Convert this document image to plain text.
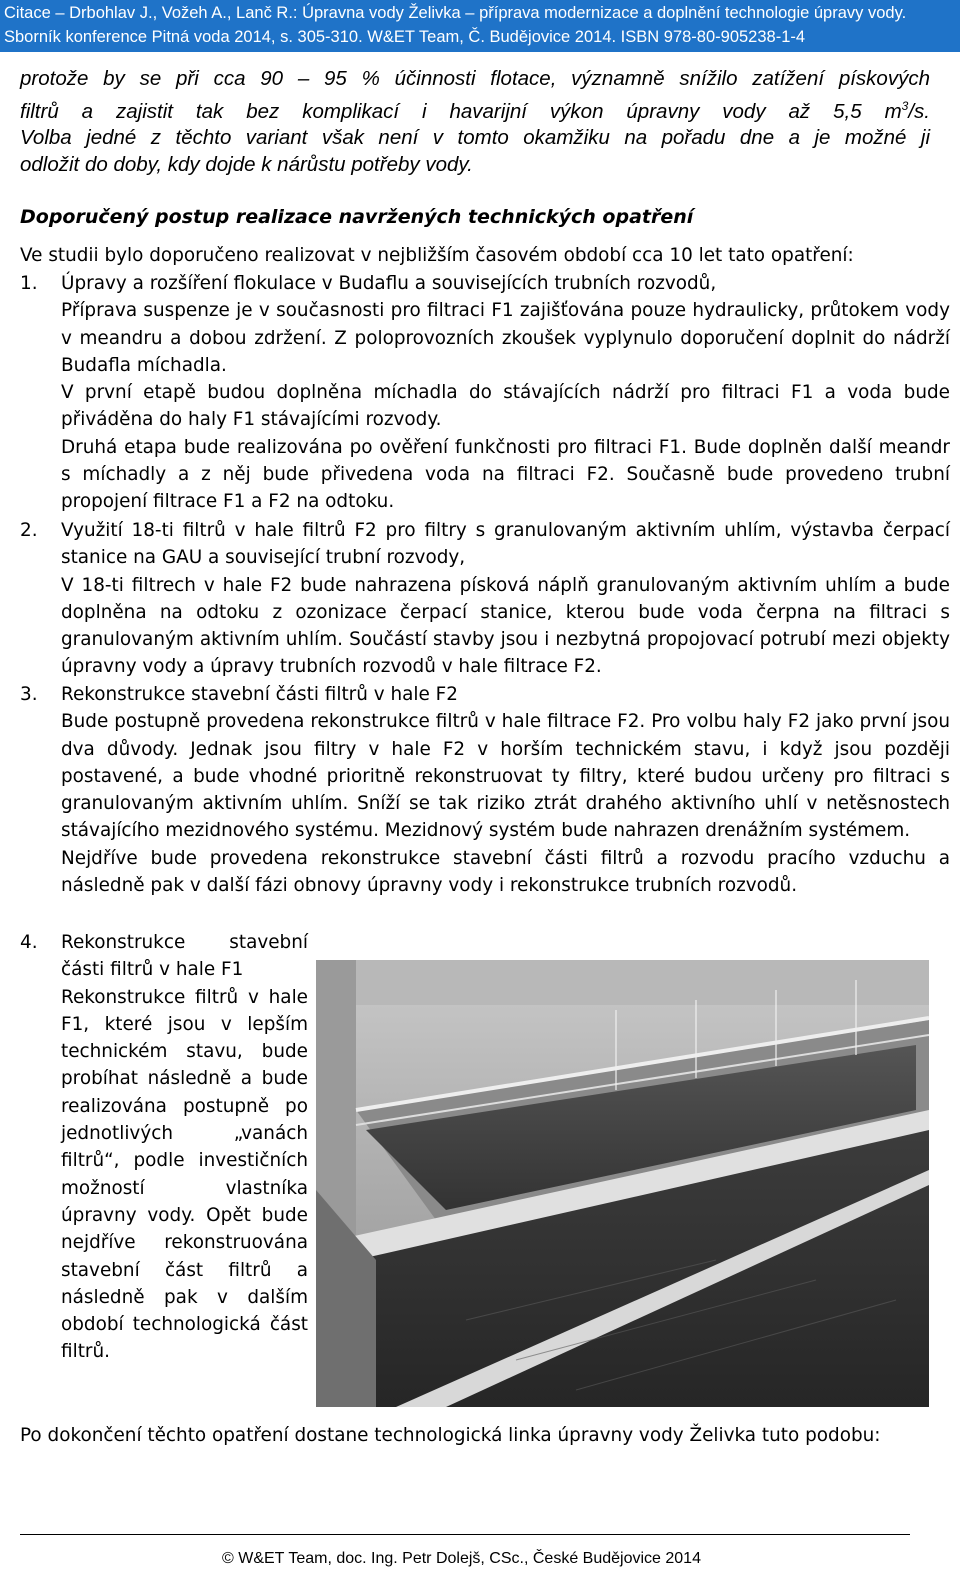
Citace – Drbohlav J., Vožeh A., Lanč R.: Úpravna vody Želivka – příprava modernizace a doplnění technologie úpravy vody.
Sborník konference Pitná voda 2014, s. 305-310. W&ET Team, Č. Budějovice 2014. ISBN 978-80-905238-1-4
protože by se při cca 90 – 95 % účinnosti flotace, významně snížilo zatížení pískových
filtrů a zajistit tak bez komplikací i havarijní výkon úpravny vody až 5,5 $m^3/s$.
Volba jedné z těchto variant však není v tomto okamžiku na pořadu dne a je možné ji
odložit do doby, kdy dojde k nárůstu potřeby vody.
Doporučený postup realizace navržených technických opatření
Ve studii bylo doporučeno realizovat v nejbližším časovém období cca 10 let tato opatření:
1. Úpravy a rozšíření flokulace v Budaflu a souvisejících trubních rozvodů,

Příprava suspenze je v současnosti pro filtraci F1 zajišťována pouze hydraulicky, průtokem vody v meandru a dobou zdržení. Z poloprovozních zkoušek vyplynulo doporučení doplnit do nádrží Budafla míchadla.

V první etapě budou doplněna míchadla do stávajících nádrží pro filtraci F1 a voda bude přiváděna do haly F1 stávajícími rozvody.

Druhá etapa bude realizována po ověření funkčnosti pro filtraci F1. Bude doplněn další meandr s míchadly a z něj bude přivedena voda na filtraci F2. Současně bude provedeno trubní propojení filtrace F1 a F2 na odtoku.

2. Využití 18-ti filtrů v hale filtrů F2 pro filtry s granulovaným aktivním uhlím, výstavba čerpací stanice na GAU a související trubní rozvody,

V 18-ti filtrech v hale F2 bude nahrazena písková náplň granulovaným aktivním uhlím a bude doplněna na odtoku z ozonizace čerpací stanice, kterou bude voda čerpna na filtraci s granulovaným aktivním uhlím. Součástí stavby jsou i nezbytná propojovací potrubí mezi objekty úpravny vody a úpravy trubních rozvodů v hale filtrace F2.

3. Rekonstrukce stavební části filtrů v hale F2

Bude postupně provedena rekonstrukce filtrů v hale filtrace F2. Pro volbu haly F2 jako první jsou dva důvody. Jednak jsou filtry v hale F2 v horším technickém stavu, i když jsou později postavené, a bude vhodné prioritně rekonstruovat ty filtry, které budou určeny pro filtraci s granulovaným aktivním uhlím. Sníží se tak riziko ztrát drahého aktivního uhlí v netěsnostech stávajícího mezidnového systému. Mezidnový systém bude nahrazen drenážním systémem.

Nejdříve bude provedena rekonstrukce stavební části filtrů a rozvodu pracího vzduchu a následně pak v další fázi obnovy úpravny vody i rekonstrukce trubních rozvodů.

4. Rekonstrukce stavební části filtrů v hale F1

Rekonstrukce filtrů v hale F1, které jsou v lepším technickém stavu, bude probíhat následně a bude realizována postupně po jednotlivých „vanách filtrů“, podle investičních možností vlastníka úpravny vody. Opět bude nejdříve rekonstruována stavební část filtrů a následně pak v dalším období technologická část filtrů.

Po dokončení těchto opatření dostane technologická linka úpravny vody Želivka tuto podobu:
© W&ET Team, doc. Ing. Petr Dolejš, CSc., České Budějovice 2014
